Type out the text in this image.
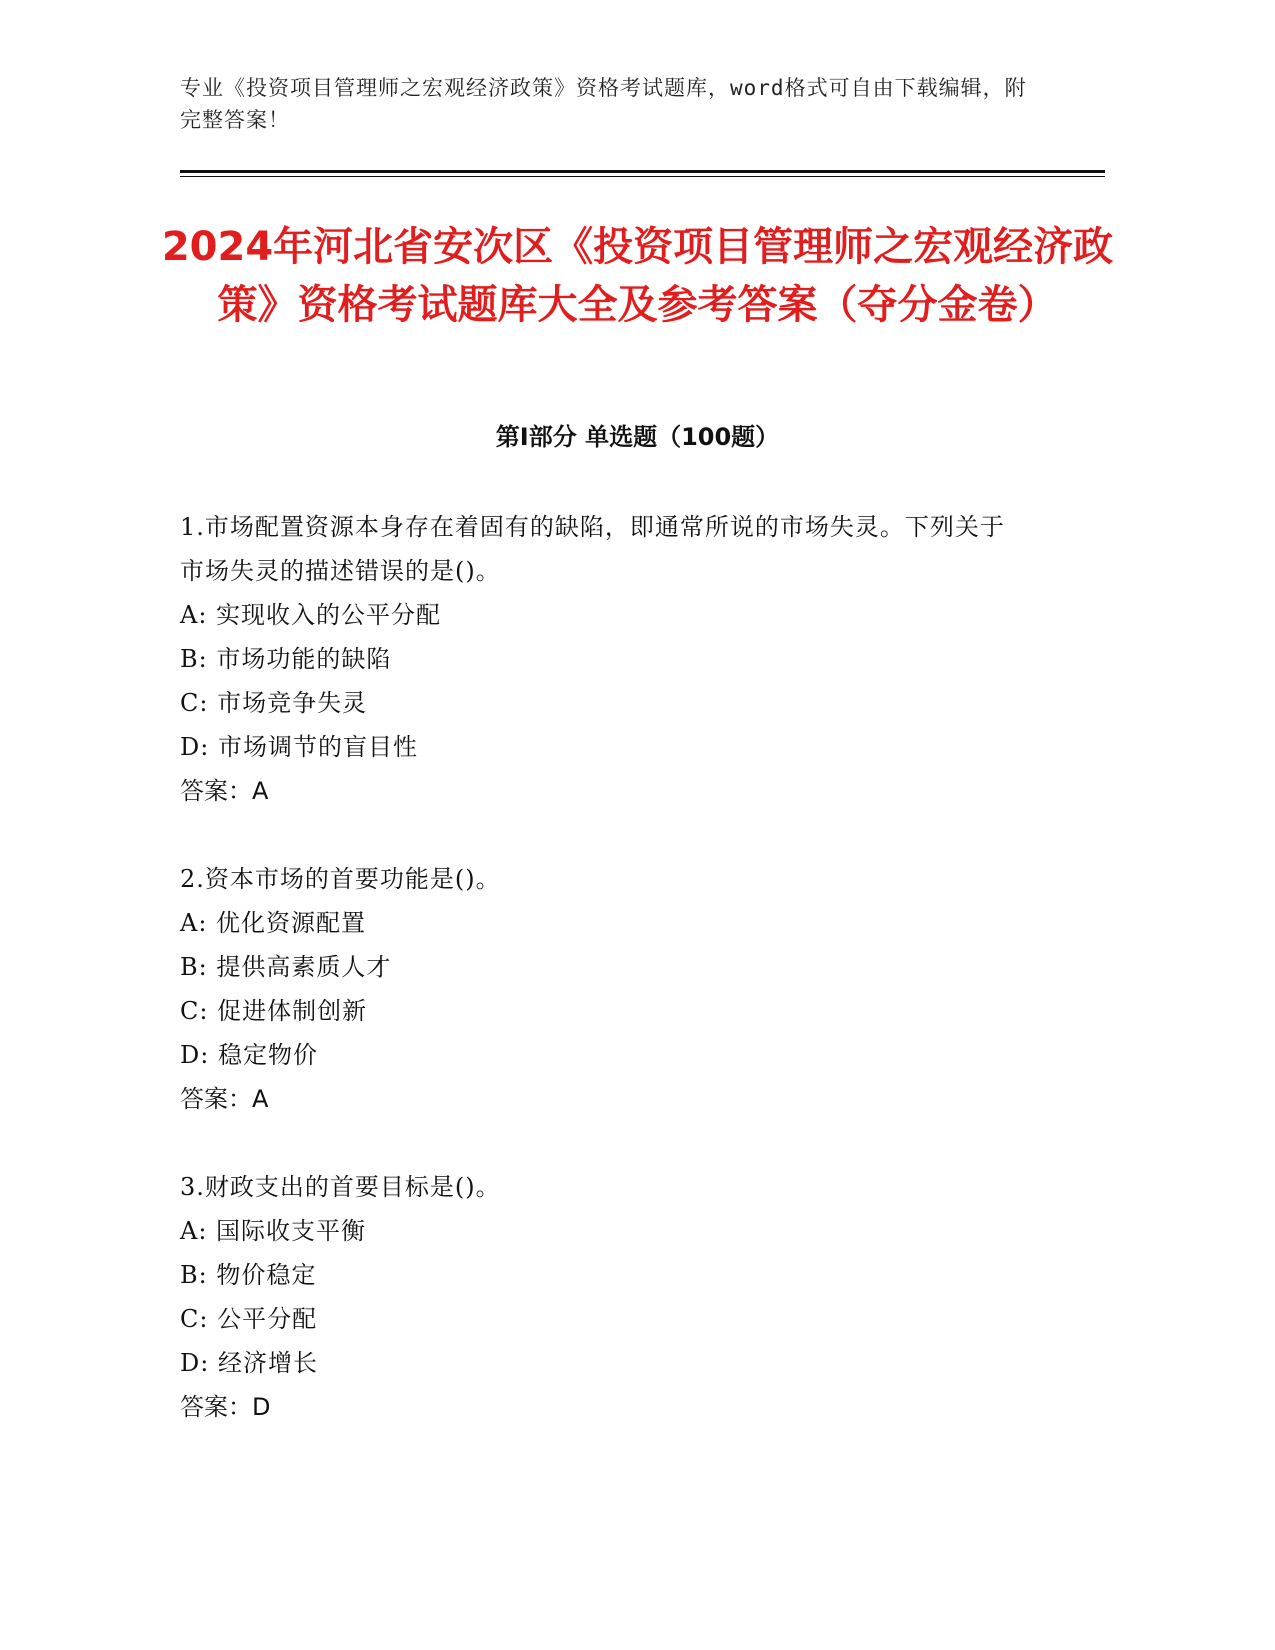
专业《投资项目管理师之宏观经济政策》资格考试题库，word格式可自由下载编辑，附完整答案！

2024年河北省安次区《投资项目管理师之宏观经济政策》资格考试题库大全及参考答案（夺分金卷）
第I部分 单选题（100题）

1.市场配置资源本身存在着固有的缺陷，即通常所说的市场失灵。下列关于市场失灵的描述错误的是()。

A: 实现收入的公平分配

B: 市场功能的缺陷

C: 市场竞争失灵

D: 市场调节的盲目性

答案：A

2.资本市场的首要功能是()。

A: 优化资源配置

B: 提供高素质人才

C: 促进体制创新

D: 稳定物价

答案：A

3.财政支出的首要目标是()。

A: 国际收支平衡

B: 物价稳定

C: 公平分配

D: 经济增长

答案：D
